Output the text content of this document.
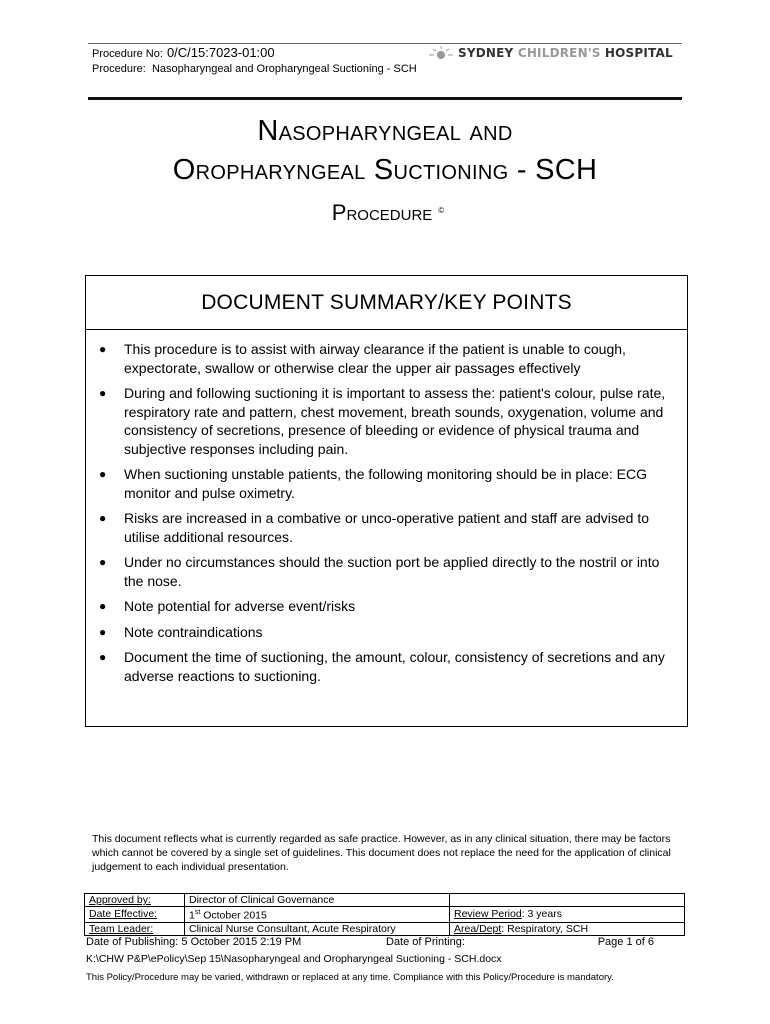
Procedure No: 0/C/15:7023-01:00
Procedure: Nasopharyngeal and Oropharyngeal Suctioning - SCH
SYDNEY CHILDREN'S HOSPITAL
Nasopharyngeal and
Oropharyngeal Suctioning - SCH
Procedure ©
DOCUMENT SUMMARY/KEY POINTS
●	This procedure is to assist with airway clearance if the patient is unable to cough, expectorate, swallow or otherwise clear the upper air passages effectively
●	During and following suctioning it is important to assess the: patient's colour, pulse rate, respiratory rate and pattern, chest movement, breath sounds, oxygenation, volume and consistency of secretions, presence of bleeding or evidence of physical trauma and subjective responses including pain.
●	When suctioning unstable patients, the following monitoring should be in place: ECG monitor and pulse oximetry.
●	Risks are increased in a combative or unco-operative patient and staff are advised to utilise additional resources.
●	Under no circumstances should the suction port be applied directly to the nostril or into the nose.
●	Note potential for adverse event/risks
●	Note contraindications
●	Document the time of suctioning, the amount, colour, consistency of secretions and any adverse reactions to suctioning.
This document reflects what is currently regarded as safe practice. However, as in any clinical situation, there may be factors which cannot be covered by a single set of guidelines. This document does not replace the need for the application of clinical judgement to each individual presentation.
Approved by:	Director of Clinical Governance	
Date Effective:	1st October 2015	Review Period: 3 years
Team Leader:	Clinical Nurse Consultant, Acute Respiratory	Area/Dept: Respiratory, SCH
Date of Publishing: 5 October 2015 2:19 PM	Date of Printing:	Page 1 of 6
K:\CHW P&P\ePolicy\Sep 15\Nasopharyngeal and Oropharyngeal Suctioning - SCH.docx
This Policy/Procedure may be varied, withdrawn or replaced at any time. Compliance with this Policy/Procedure is mandatory.
